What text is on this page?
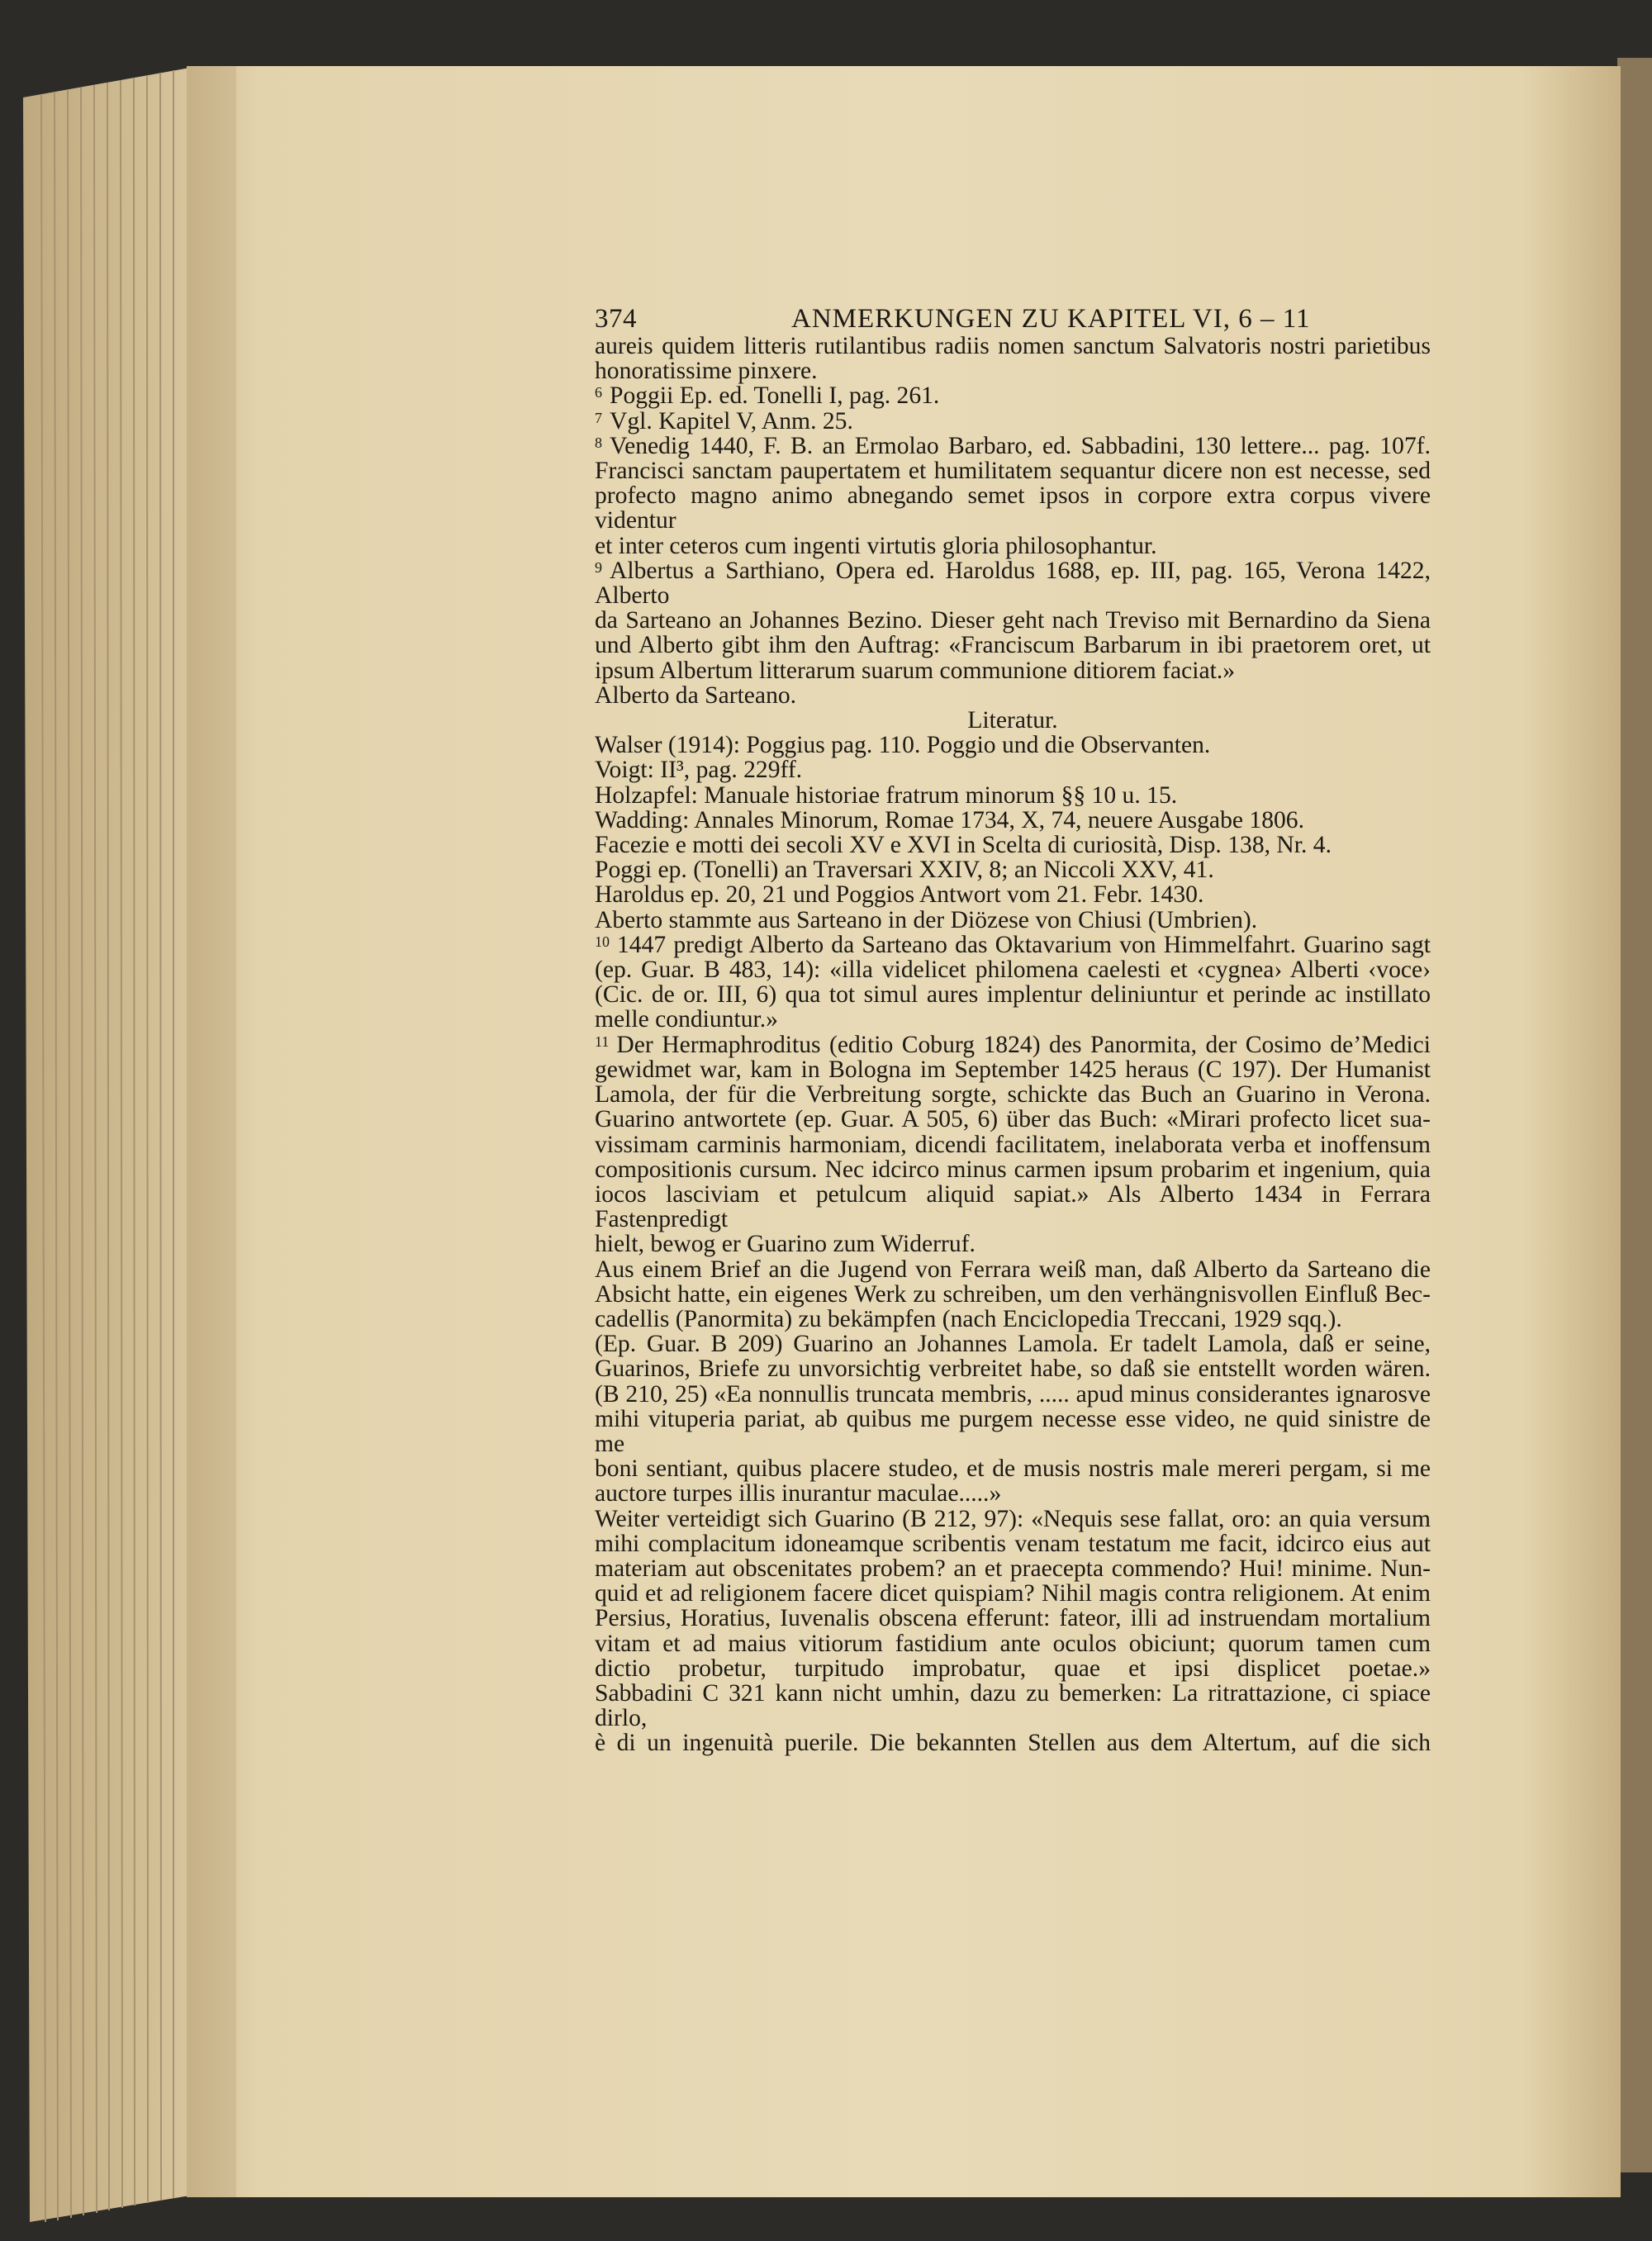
374	ANMERKUNGEN ZU KAPITEL VI, 6 – 11

aureis quidem litteris rutilantibus radiis nomen sanctum Salvatoris nostri parietibus

honoratissime pinxere.

$^6$ Poggii Ep. ed. Tonelli I, pag. 261.

$^7$ Vgl. Kapitel V, Anm. 25.

$^8$ Venedig 1440, F. B. an Ermolao Barbaro, ed. Sabbadini, 130 lettere... pag. 107f.

Francisci sanctam paupertatem et humilitatem sequantur dicere non est necesse, sed

profecto magno animo abnegando semet ipsos in corpore extra corpus vivere videntur

et inter ceteros cum ingenti virtutis gloria philosophantur.

$^9$ Albertus a Sarthiano, Opera ed. Haroldus 1688, ep. III, pag. 165, Verona 1422, Alberto

da Sarteano an Johannes Bezino. Dieser geht nach Treviso mit Bernardino da Siena

und Alberto gibt ihm den Auftrag: «Franciscum Barbarum in ibi praetorem oret, ut

ipsum Albertum litterarum suarum communione ditiorem faciat.»

Alberto da Sarteano.

Literatur.

Walser (1914): Poggius pag. 110. Poggio und die Observanten.

Voigt: II³, pag. 229ff.

Holzapfel: Manuale historiae fratrum minorum §§ 10 u. 15.

Wadding: Annales Minorum, Romae 1734, X, 74, neuere Ausgabe 1806.

Facezie e motti dei secoli XV e XVI in Scelta di curiosità, Disp. 138, Nr. 4.

Poggi ep. (Tonelli) an Traversari XXIV, 8; an Niccoli XXV, 41.

Haroldus ep. 20, 21 und Poggios Antwort vom 21. Febr. 1430.

Aberto stammte aus Sarteano in der Diözese von Chiusi (Umbrien).

$^{10}$ 1447 predigt Alberto da Sarteano das Oktavarium von Himmelfahrt. Guarino sagt

(ep. Guar. B 483, 14): «illa videlicet philomena caelesti et ‹cygnea› Alberti ‹voce›

(Cic. de or. III, 6) qua tot simul aures implentur deliniuntur et perinde ac instillato

melle condiuntur.»

$^{11}$ Der Hermaphroditus (editio Coburg 1824) des Panormita, der Cosimo de’Medici

gewidmet war, kam in Bologna im September 1425 heraus (C 197). Der Humanist

Lamola, der für die Verbreitung sorgte, schickte das Buch an Guarino in Verona.

Guarino antwortete (ep. Guar. A 505, 6) über das Buch: «Mirari profecto licet sua-

vissimam carminis harmoniam, dicendi facilitatem, inelaborata verba et inoffensum

compositionis cursum. Nec idcirco minus carmen ipsum probarim et ingenium, quia

iocos lasciviam et petulcum aliquid sapiat.» Als Alberto 1434 in Ferrara Fastenpredigt

hielt, bewog er Guarino zum Widerruf.

Aus einem Brief an die Jugend von Ferrara weiß man, daß Alberto da Sarteano die

Absicht hatte, ein eigenes Werk zu schreiben, um den verhängnisvollen Einfluß Bec-

cadellis (Panormita) zu bekämpfen (nach Enciclopedia Treccani, 1929 sqq.).

(Ep. Guar. B 209) Guarino an Johannes Lamola. Er tadelt Lamola, daß er seine,

Guarinos, Briefe zu unvorsichtig verbreitet habe, so daß sie entstellt worden wären.

(B 210, 25) «Ea nonnullis truncata membris, ..... apud minus considerantes ignarosve

mihi vituperia pariat, ab quibus me purgem necesse esse video, ne quid sinistre de me

boni sentiant, quibus placere studeo, et de musis nostris male mereri pergam, si me

auctore turpes illis inurantur maculae.....»

Weiter verteidigt sich Guarino (B 212, 97): «Nequis sese fallat, oro: an quia versum

mihi complacitum idoneamque scribentis venam testatum me facit, idcirco eius aut

materiam aut obscenitates probem? an et praecepta commendo? Hui! minime. Nun-

quid et ad religionem facere dicet quispiam? Nihil magis contra religionem. At enim

Persius, Horatius, Iuvenalis obscena efferunt: fateor, illi ad instruendam mortalium

vitam et ad maius vitiorum fastidium ante oculos obiciunt; quorum tamen cum

dictio probetur, turpitudo improbatur, quae et ipsi displicet poetae.»

Sabbadini C 321 kann nicht umhin, dazu zu bemerken: La ritrattazione, ci spiace dirlo,

è di un ingenuità puerile. Die bekannten Stellen aus dem Altertum, auf die sich
